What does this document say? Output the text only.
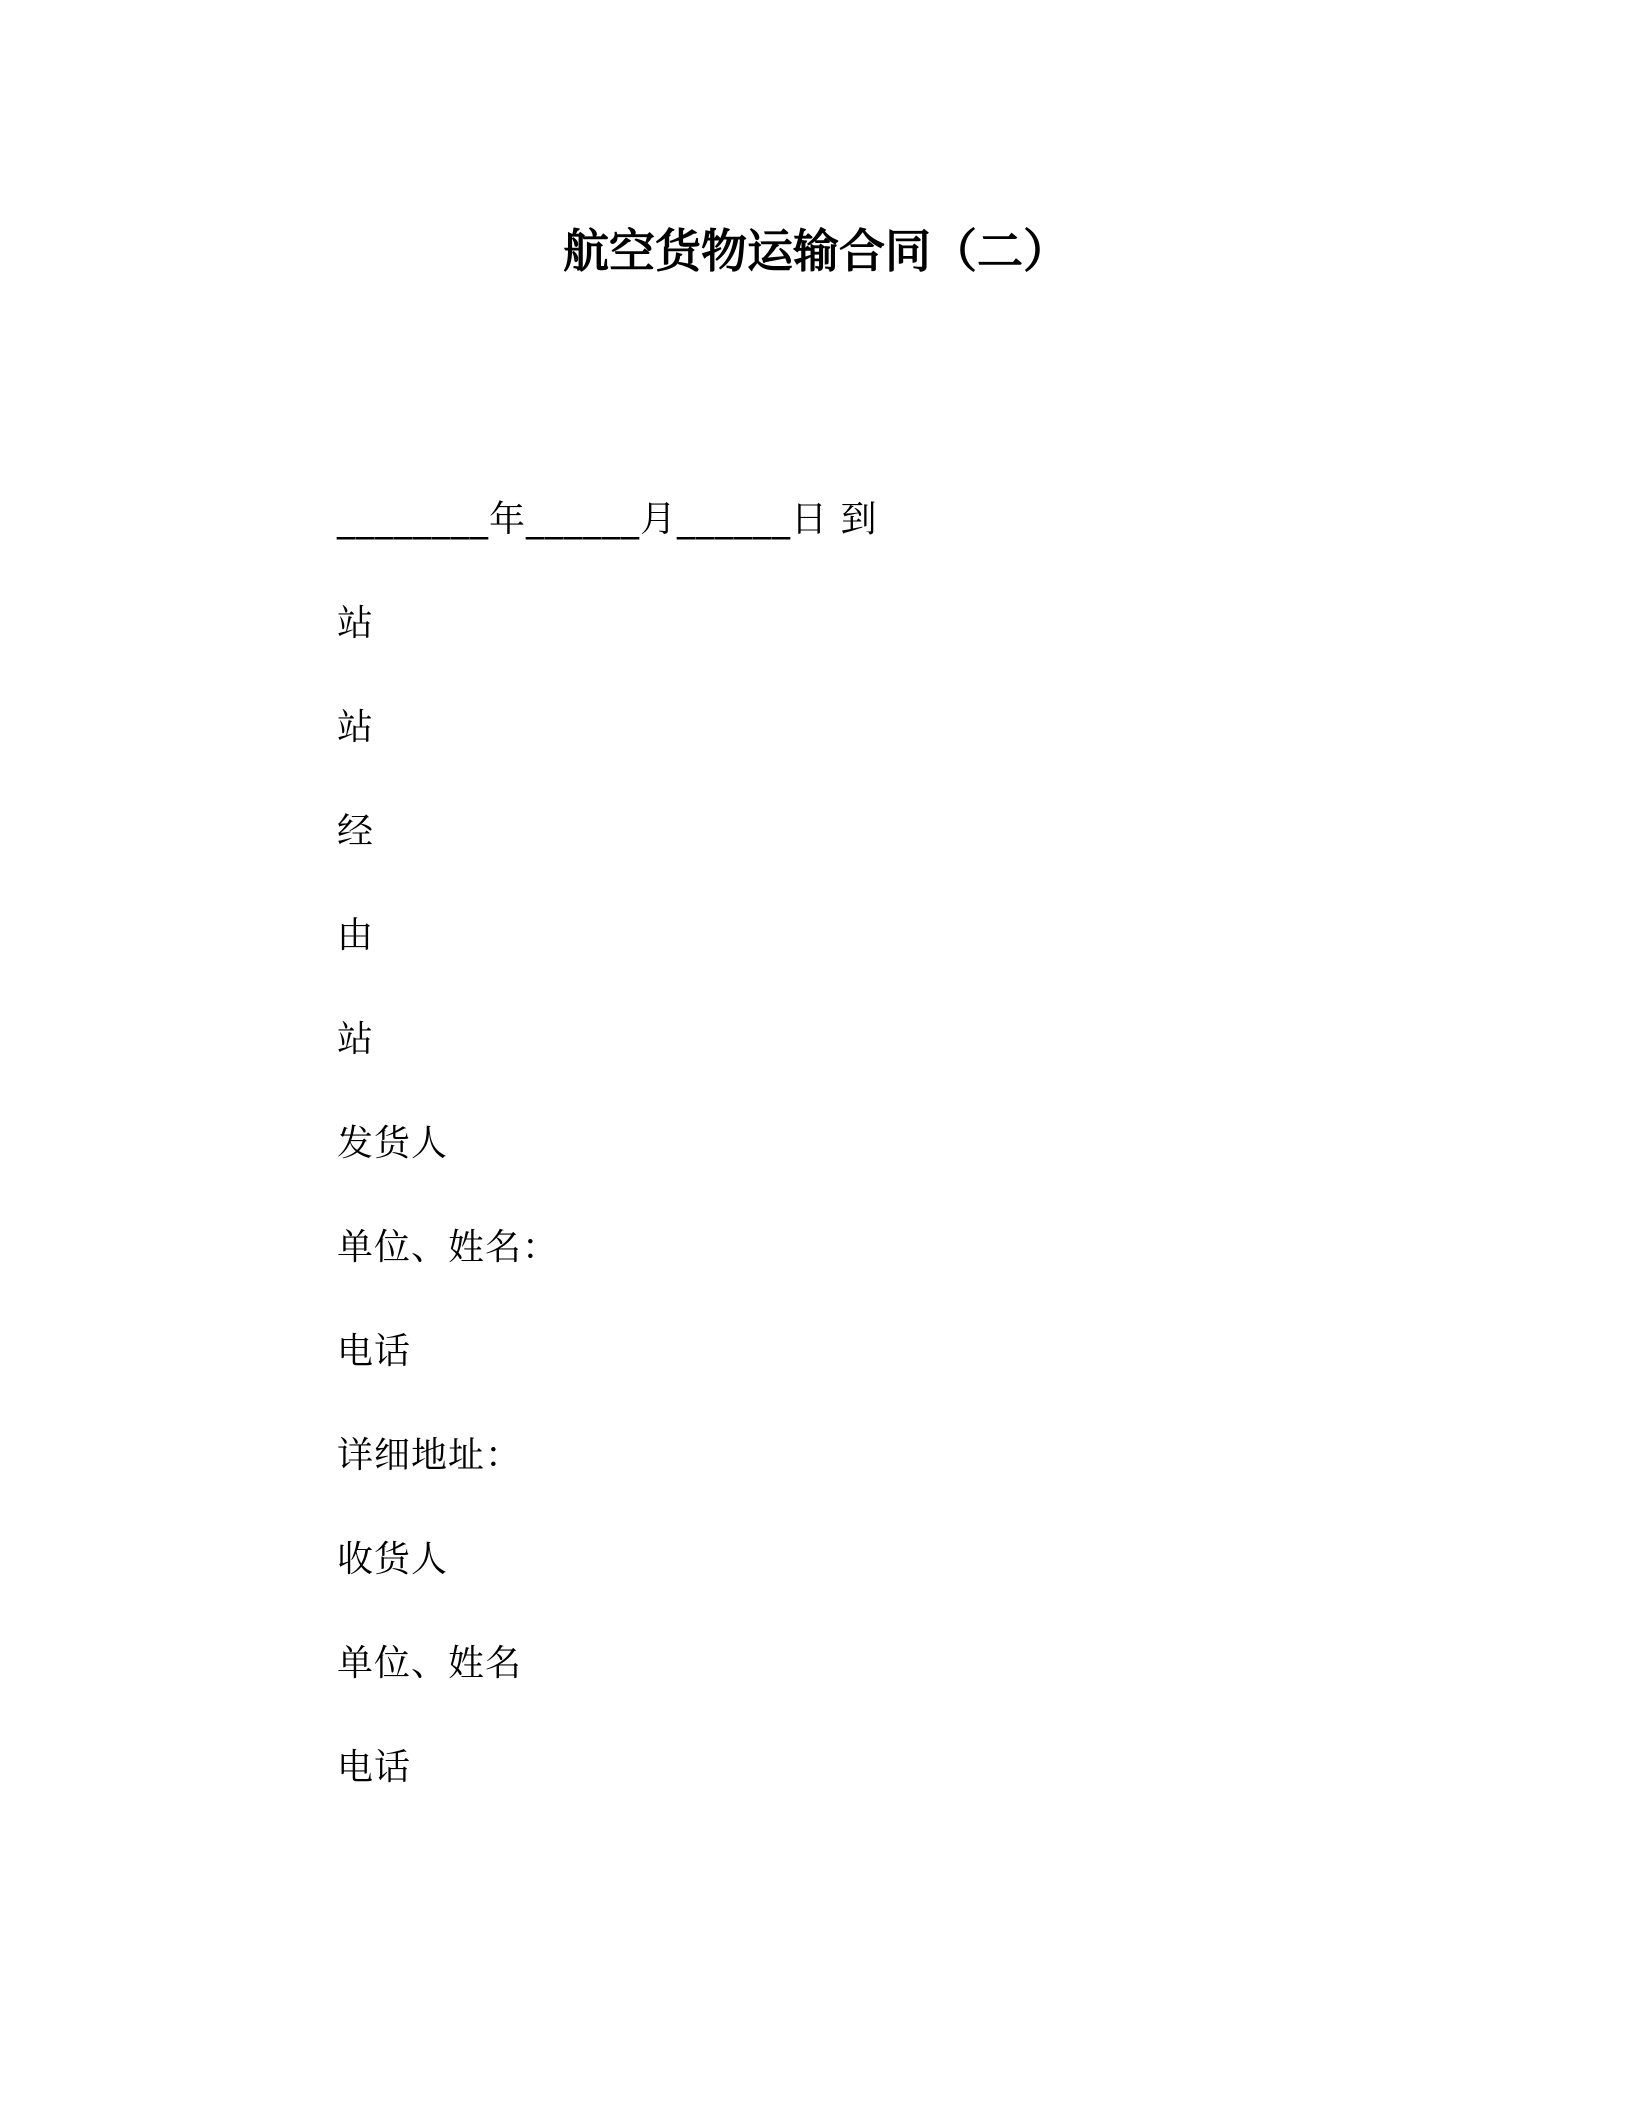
航空货物运输合同（二）
________年______月______日 到
站
站
经
由
站
发货人
单位、姓名：
电话
详细地址：
收货人
单位、姓名
电话
